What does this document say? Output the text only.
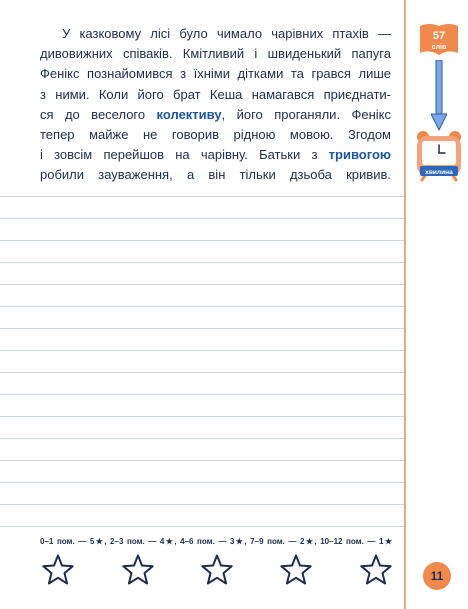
У казковому лісі було чимало чарівних птахів —
дивовижних співаків. Кмітливий і швиденький папуга
Фенікс познайомився з їхніми дітками та грався лише
з ними. Коли його брат Кеша намагався приєднати-
ся до веселого колективу, його проганяли. Фенікс
тепер майже не говорив рідною мовою. Згодом
і зовсім перейшов на чарівну. Батьки з тривогою
робили зауваження, а він тільки дзьоба кривив.
57
слів
хвилина
0–1 пом. — 5★, 2–3 пом. — 4★, 4–6 пом. — 3★, 7–9 пом. — 2★, 10–12 пом. — 1★
11
